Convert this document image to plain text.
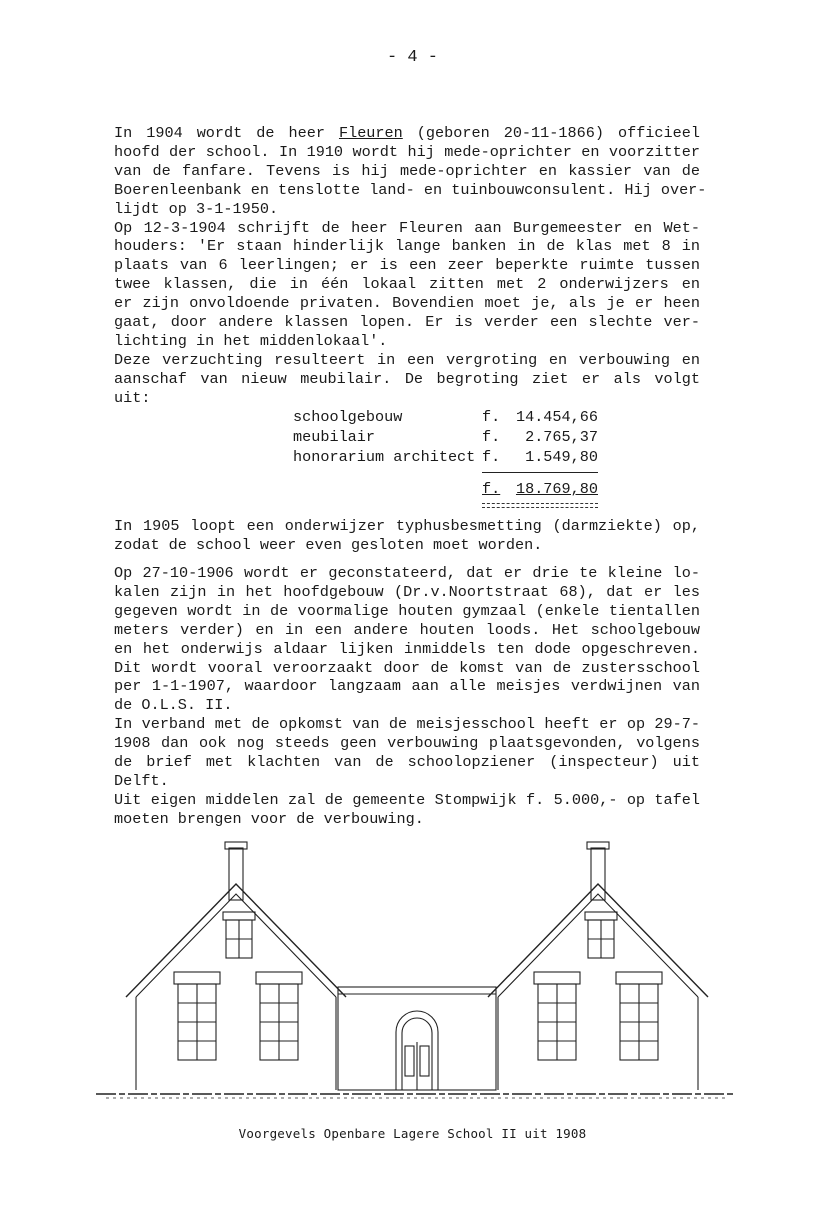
- 4 -
In 1904 wordt de heer Fleuren (geboren 20-11-1866) officieel
hoofd der school. In 1910 wordt hij mede-oprichter en voorzitter
van de fanfare. Tevens is hij mede-oprichter en kassier van de
Boerenleenbank en tenslotte land- en tuinbouwconsulent. Hij over-
lijdt op 3-1-1950.
Op 12-3-1904 schrijft de heer Fleuren aan Burgemeester en Wet-
houders: 'Er staan hinderlijk lange banken in de klas met 8 in
plaats van 6 leerlingen; er is een zeer beperkte ruimte tussen
twee klassen, die in één lokaal zitten met 2 onderwijzers en
er zijn onvoldoende privaten. Bovendien moet je, als je er heen
gaat, door andere klassen lopen. Er is verder een slechte ver-
lichting in het middenlokaal'.
Deze verzuchting resulteert in een vergroting en verbouwing en
aanschaf van nieuw meubilair. De begroting ziet er als volgt
uit:
schoolgebouw	f. 14.454,66
meubilair	f. 2.765,37
honorarium architect f. 1.549,80
f. 18.769,80
In 1905 loopt een onderwijzer typhusbesmetting (darmziekte) op,
zodat de school weer even gesloten moet worden.
Op 27-10-1906 wordt er geconstateerd, dat er drie te kleine lo-
kalen zijn in het hoofdgebouw (Dr.v.Noortstraat 68), dat er les
gegeven wordt in de voormalige houten gymzaal (enkele tientallen
meters verder) en in een andere houten loods. Het schoolgebouw
en het onderwijs aldaar lijken inmiddels ten dode opgeschreven.
Dit wordt vooral veroorzaakt door de komst van de zustersschool
per 1-1-1907, waardoor langzaam aan alle meisjes verdwijnen van
de O.L.S. II.
In verband met de opkomst van de meisjesschool heeft er op 29-7-
1908 dan ook nog steeds geen verbouwing plaatsgevonden, volgens
de brief met klachten van de schoolopziener (inspecteur) uit
Delft.
Uit eigen middelen zal de gemeente Stompwijk f. 5.000,- op tafel
moeten brengen voor de verbouwing.
Voorgevels Openbare Lagere School II uit 1908
